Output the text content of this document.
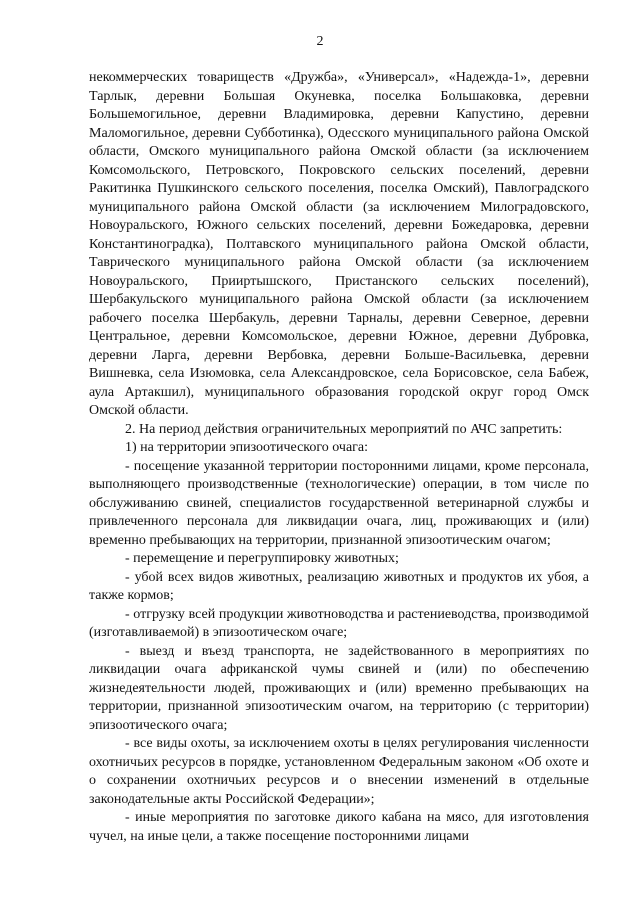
2

некоммерческих товариществ «Дружба», «Универсал», «Надежда-1», деревни Тарлык, деревни Большая Окуневка, поселка Большаковка, деревни Большемогильное, деревни Владимировка, деревни Капустино, деревни Маломогильное, деревни Субботинка), Одесского муниципального района Омской области, Омского муниципального района Омской области (за исключением Комсомольского, Петровского, Покровского сельских поселений, деревни Ракитинка Пушкинского сельского поселения, поселка Омский), Павлоградского муниципального района Омской области (за исключением Милоградовского, Новоуральского, Южного сельских поселений, деревни Божедаровка, деревни Константиноградка), Полтавского муниципального района Омской области, Таврического муниципального района Омской области (за исключением Новоуральского, Прииртышского, Пристанского сельских поселений), Шербакульского муниципального района Омской области (за исключением рабочего поселка Шербакуль, деревни Тарналы, деревни Северное, деревни Центральное, деревни Комсомольское, деревни Южное, деревни Дубровка, деревни Ларга, деревни Вербовка, деревни Больше-Васильевка, деревни Вишневка, села Изюмовка, села Александровское, села Борисовское, села Бабеж, аула Артакшил), муниципального образования городской округ город Омск Омской области.

2. На период действия ограничительных мероприятий по АЧС запретить:

1) на территории эпизоотического очага:

- посещение указанной территории посторонними лицами, кроме персонала, выполняющего производственные (технологические) операции, в том числе по обслуживанию свиней, специалистов государственной ветеринарной службы и привлеченного персонала для ликвидации очага, лиц, проживающих и (или) временно пребывающих на территории, признанной эпизоотическим очагом;

- перемещение и перегруппировку животных;

- убой всех видов животных, реализацию животных и продуктов их убоя, а также кормов;

- отгрузку всей продукции животноводства и растениеводства, производимой (изготавливаемой) в эпизоотическом очаге;

- выезд и въезд транспорта, не задействованного в мероприятиях по ликвидации очага африканской чумы свиней и (или) по обеспечению жизнедеятельности людей, проживающих и (или) временно пребывающих на территории, признанной эпизоотическим очагом, на территорию (с территории) эпизоотического очага;

- все виды охоты, за исключением охоты в целях регулирования численности охотничьих ресурсов в порядке, установленном Федеральным законом «Об охоте и о сохранении охотничьих ресурсов и о внесении изменений в отдельные законодательные акты Российской Федерации»;

- иные мероприятия по заготовке дикого кабана на мясо, для изготовления чучел, на иные цели, а также посещение посторонними лицами
